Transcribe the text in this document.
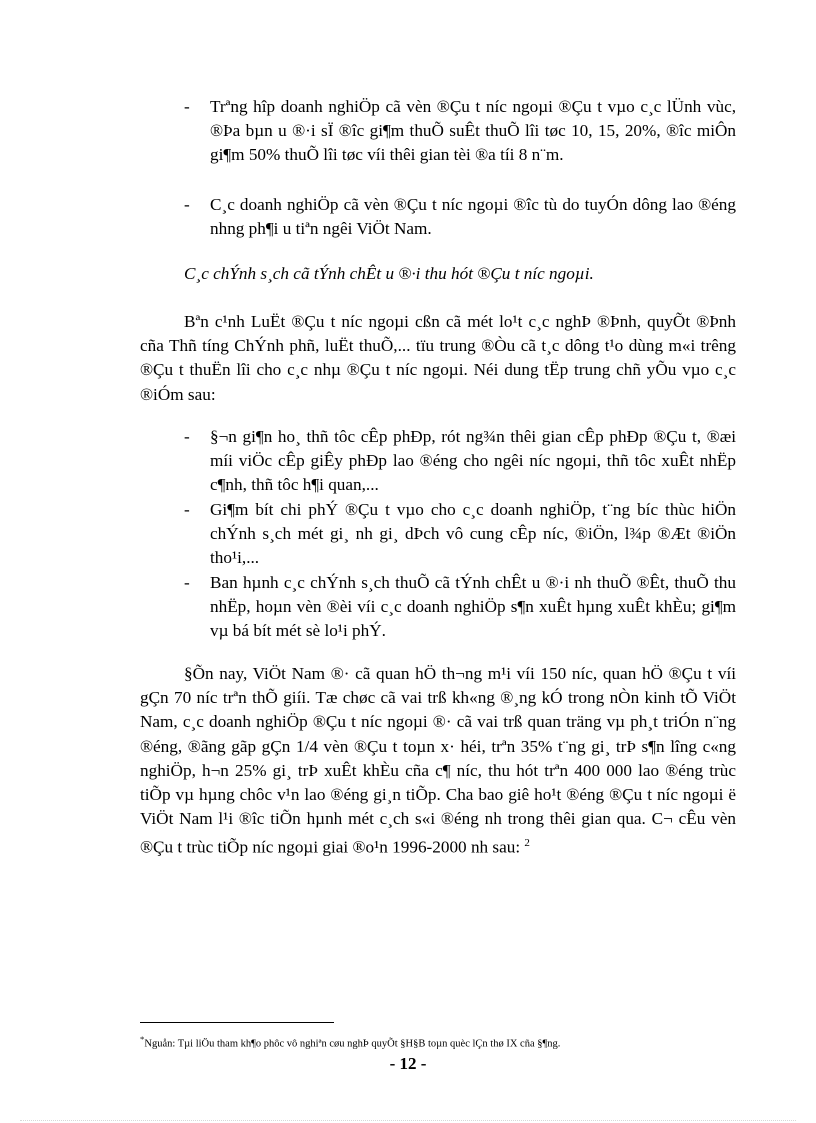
- Trªng hîp doanh nghiÖp cã vèn ®Çu t níc ngoµi ®Çu t vµo c¸c lÜnh vùc, ®Þa bµn u ®·i sÏ ®îc gi¶m thuÕ suÊt thuÕ lîi tøc 10, 15, 20%, ®îc miÔn gi¶m 50% thuÕ lîi tøc víi thêi gian tèi ®a tíi 8 n¨m.
- C¸c doanh nghiÖp cã vèn ®Çu t níc ngoµi ®îc tù do tuyÓn dông lao ®éng nhng ph¶i u tiªn ngêi ViÖt Nam.
C¸c chÝnh s¸ch cã tÝnh chÊt u ®·i thu hót ®Çu t níc ngoµi.
Bªn c¹nh LuËt ®Çu t níc ngoµi cßn cã mét lo¹t c¸c nghÞ ®Þnh, quyÕt ®Þnh cña Thñ tíng ChÝnh phñ, luËt thuÕ,... tïu trung ®Òu cã t¸c dông t¹o dùng m«i trêng ®Çu t thuËn lîi cho c¸c nhµ ®Çu t níc ngoµi. Néi dung tËp trung chñ yÕu vµo c¸c ®iÓm sau:
- §¬n gi¶n ho¸ thñ tôc cÊp phÐp, rót ng¾n thêi gian cÊp phÐp ®Çu t, ®æi míi viÖc cÊp giÊy phÐp lao ®éng cho ngêi níc ngoµi, thñ tôc xuÊt nhËp c¶nh, thñ tôc h¶i quan,...
- Gi¶m bít chi phÝ ®Çu t vµo cho c¸c doanh nghiÖp, t¨ng bíc thùc hiÖn chÝnh s¸ch mét gi¸ nh gi¸ dÞch vô cung cÊp níc, ®iÖn, l¾p ®Æt ®iÖn tho¹i,...
- Ban hµnh c¸c chÝnh s¸ch thuÕ cã tÝnh chÊt u ®·i nh thuÕ ®Êt, thuÕ thu nhËp, hoµn vèn ®èi víi c¸c doanh nghiÖp s¶n xuÊt hµng xuÊt khÈu; gi¶m vµ bá bít mét sè lo¹i phÝ.
§Õn nay, ViÖt Nam ®· cã quan hÖ th¬ng m¹i víi 150 níc, quan hÖ ®Çu t víi gÇn 70 níc trªn thÕ giíi. Tæ chøc cã vai trß kh«ng ®¸ng kÓ trong nÒn kinh tÕ ViÖt Nam, c¸c doanh nghiÖp ®Çu t níc ngoµi ®· cã vai trß quan träng vµ ph¸t triÓn n¨ng ®éng, ®ãng gãp gÇn 1/4 vèn ®Çu t toµn x· héi, trªn 35% t¨ng gi¸ trÞ s¶n lîng c«ng nghiÖp, h¬n 25% gi¸ trÞ xuÊt khÈu cña c¶ níc, thu hót trªn 400 000 lao ®éng trùc tiÕp vµ hµng chôc v¹n lao ®éng gi¸n tiÕp. Cha bao giê ho¹t ®éng ®Çu t níc ngoµi ë ViÖt Nam l¹i ®îc tiÕn hµnh mét c¸ch s«i ®éng nh trong thêi gian qua. C¬ cÊu vèn ®Çu t trùc tiÕp níc ngoµi giai ®o¹n 1996-2000 nh sau: $^2$
*Nguån: Tµi liÖu tham kh¶o phôc vô nghiªn cøu nghÞ quyÕt §H§B toµn quèc lÇn thø IX cña §¶ng.
- 12 -
